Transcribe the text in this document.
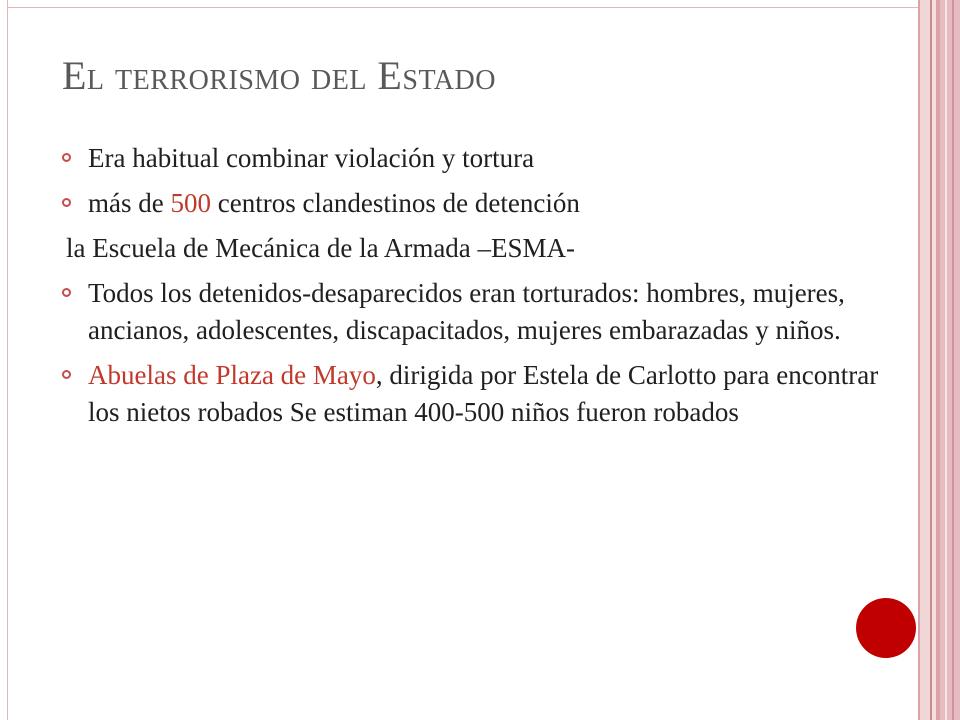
El terrorismo del Estado
Era habitual combinar violación y tortura
más de 500 centros clandestinos de detención
la Escuela de Mecánica de la Armada –ESMA-
Todos los detenidos-desaparecidos eran torturados: hombres, mujeres, ancianos, adolescentes, discapacitados, mujeres embarazadas y niños.
Abuelas de Plaza de Mayo, dirigida por Estela de Carlotto para encontrar los nietos robados Se estiman 400-500 niños fueron robados
